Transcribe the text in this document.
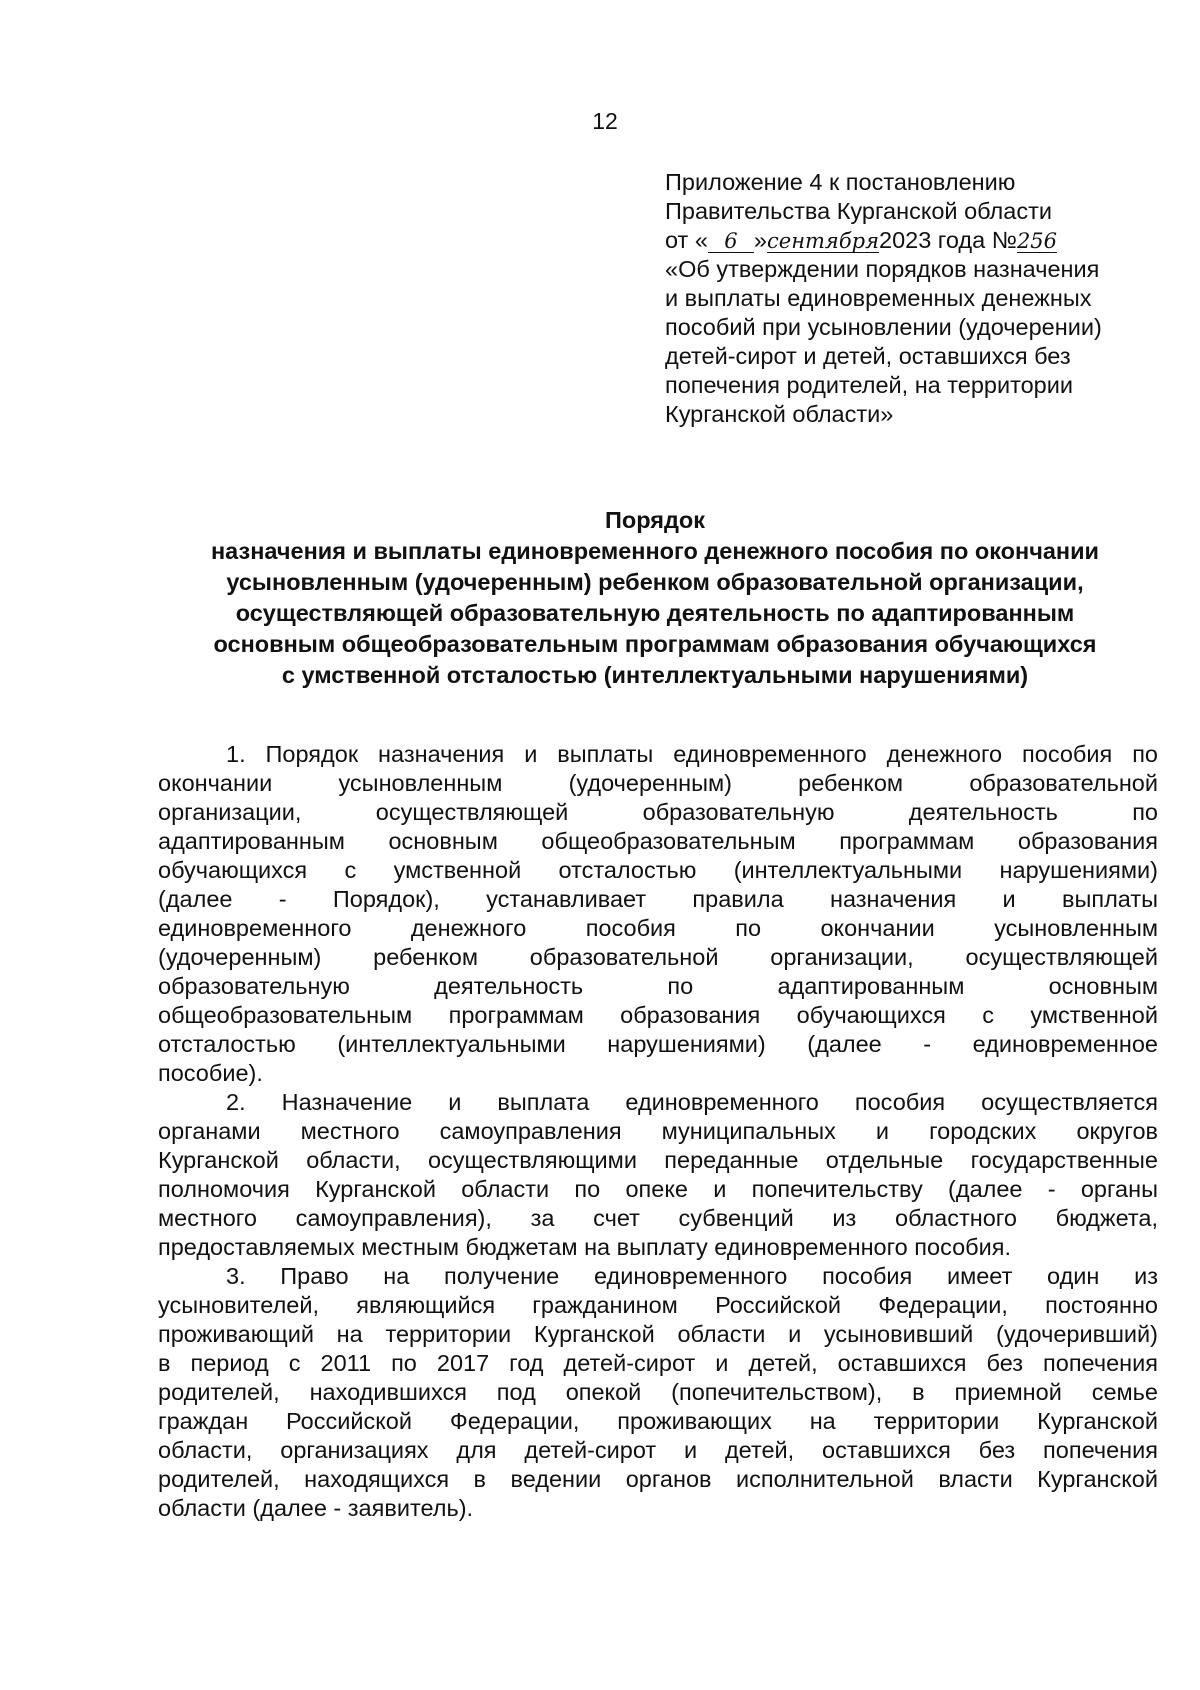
12
Приложение 4 к постановлению
Правительства Курганской области
от « 6 »сентября2023 года №256
«Об утверждении порядков назначения
и выплаты единовременных денежных
пособий при усыновлении (удочерении)
детей-сирот и детей, оставшихся без
попечения родителей, на территории
Курганской области»
Порядок
назначения и выплаты единовременного денежного пособия по окончании
усыновленным (удочеренным) ребенком образовательной организации,
осуществляющей образовательную деятельность по адаптированным
основным общеобразовательным программам образования обучающихся
с умственной отсталостью (интеллектуальными нарушениями)
1. Порядок назначения и выплаты единовременного денежного пособия по
окончании усыновленным (удочеренным) ребенком образовательной
организации, осуществляющей образовательную деятельность по
адаптированным основным общеобразовательным программам образования
обучающихся с умственной отсталостью (интеллектуальными нарушениями)
(далее - Порядок), устанавливает правила назначения и выплаты
единовременного денежного пособия по окончании усыновленным
(удочеренным) ребенком образовательной организации, осуществляющей
образовательную деятельность по адаптированным основным
общеобразовательным программам образования обучающихся с умственной
отсталостью (интеллектуальными нарушениями) (далее - единовременное
пособие).
2. Назначение и выплата единовременного пособия осуществляется
органами местного самоуправления муниципальных и городских округов
Курганской области, осуществляющими переданные отдельные государственные
полномочия Курганской области по опеке и попечительству (далее - органы
местного самоуправления), за счет субвенций из областного бюджета,
предоставляемых местным бюджетам на выплату единовременного пособия.
3. Право на получение единовременного пособия имеет один из
усыновителей, являющийся гражданином Российской Федерации, постоянно
проживающий на территории Курганской области и усыновивший (удочеривший)
в период с 2011 по 2017 год детей-сирот и детей, оставшихся без попечения
родителей, находившихся под опекой (попечительством), в приемной семье
граждан Российской Федерации, проживающих на территории Курганской
области, организациях для детей-сирот и детей, оставшихся без попечения
родителей, находящихся в ведении органов исполнительной власти Курганской
области (далее - заявитель).
